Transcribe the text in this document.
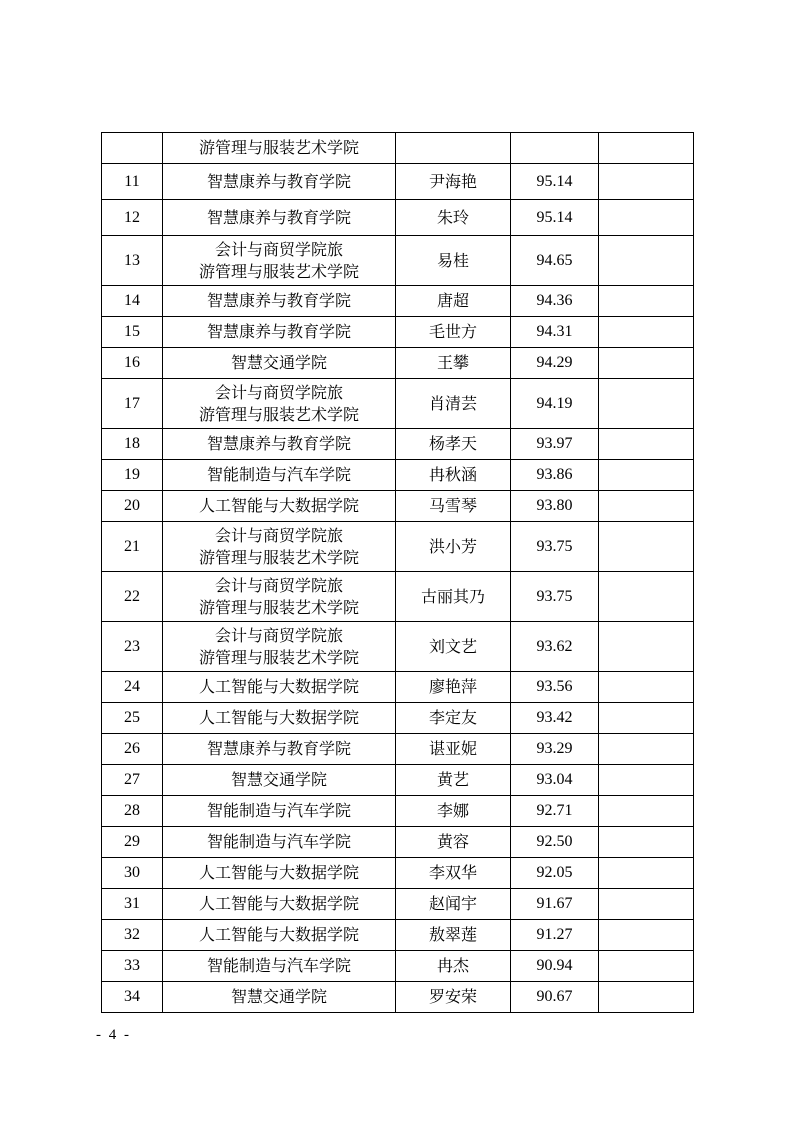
	游管理与服装艺术学院			

11	智慧康养与教育学院	尹海艳	95.14	
12	智慧康养与教育学院	朱玲	95.14	
13	会计与商贸学院旅
游管理与服装艺术学院	易桂	94.65	
14	智慧康养与教育学院	唐超	94.36	
15	智慧康养与教育学院	毛世方	94.31	
16	智慧交通学院	王攀	94.29	
17	会计与商贸学院旅
游管理与服装艺术学院	肖清芸	94.19	
18	智慧康养与教育学院	杨孝天	93.97	
19	智能制造与汽车学院	冉秋涵	93.86	
20	人工智能与大数据学院	马雪琴	93.80	
21	会计与商贸学院旅
游管理与服装艺术学院	洪小芳	93.75	
22	会计与商贸学院旅
游管理与服装艺术学院	古丽其乃	93.75	
23	会计与商贸学院旅
游管理与服装艺术学院	刘文艺	93.62	
24	人工智能与大数据学院	廖艳萍	93.56	
25	人工智能与大数据学院	李定友	93.42	
26	智慧康养与教育学院	谌亚妮	93.29	
27	智慧交通学院	黄艺	93.04	
28	智能制造与汽车学院	李娜	92.71	
29	智能制造与汽车学院	黄容	92.50	
30	人工智能与大数据学院	李双华	92.05	
31	人工智能与大数据学院	赵闻宇	91.67	
32	人工智能与大数据学院	敖翠莲	91.27	
33	智能制造与汽车学院	冉杰	90.94	
34	智慧交通学院	罗安荣	90.67	
- 4 -
